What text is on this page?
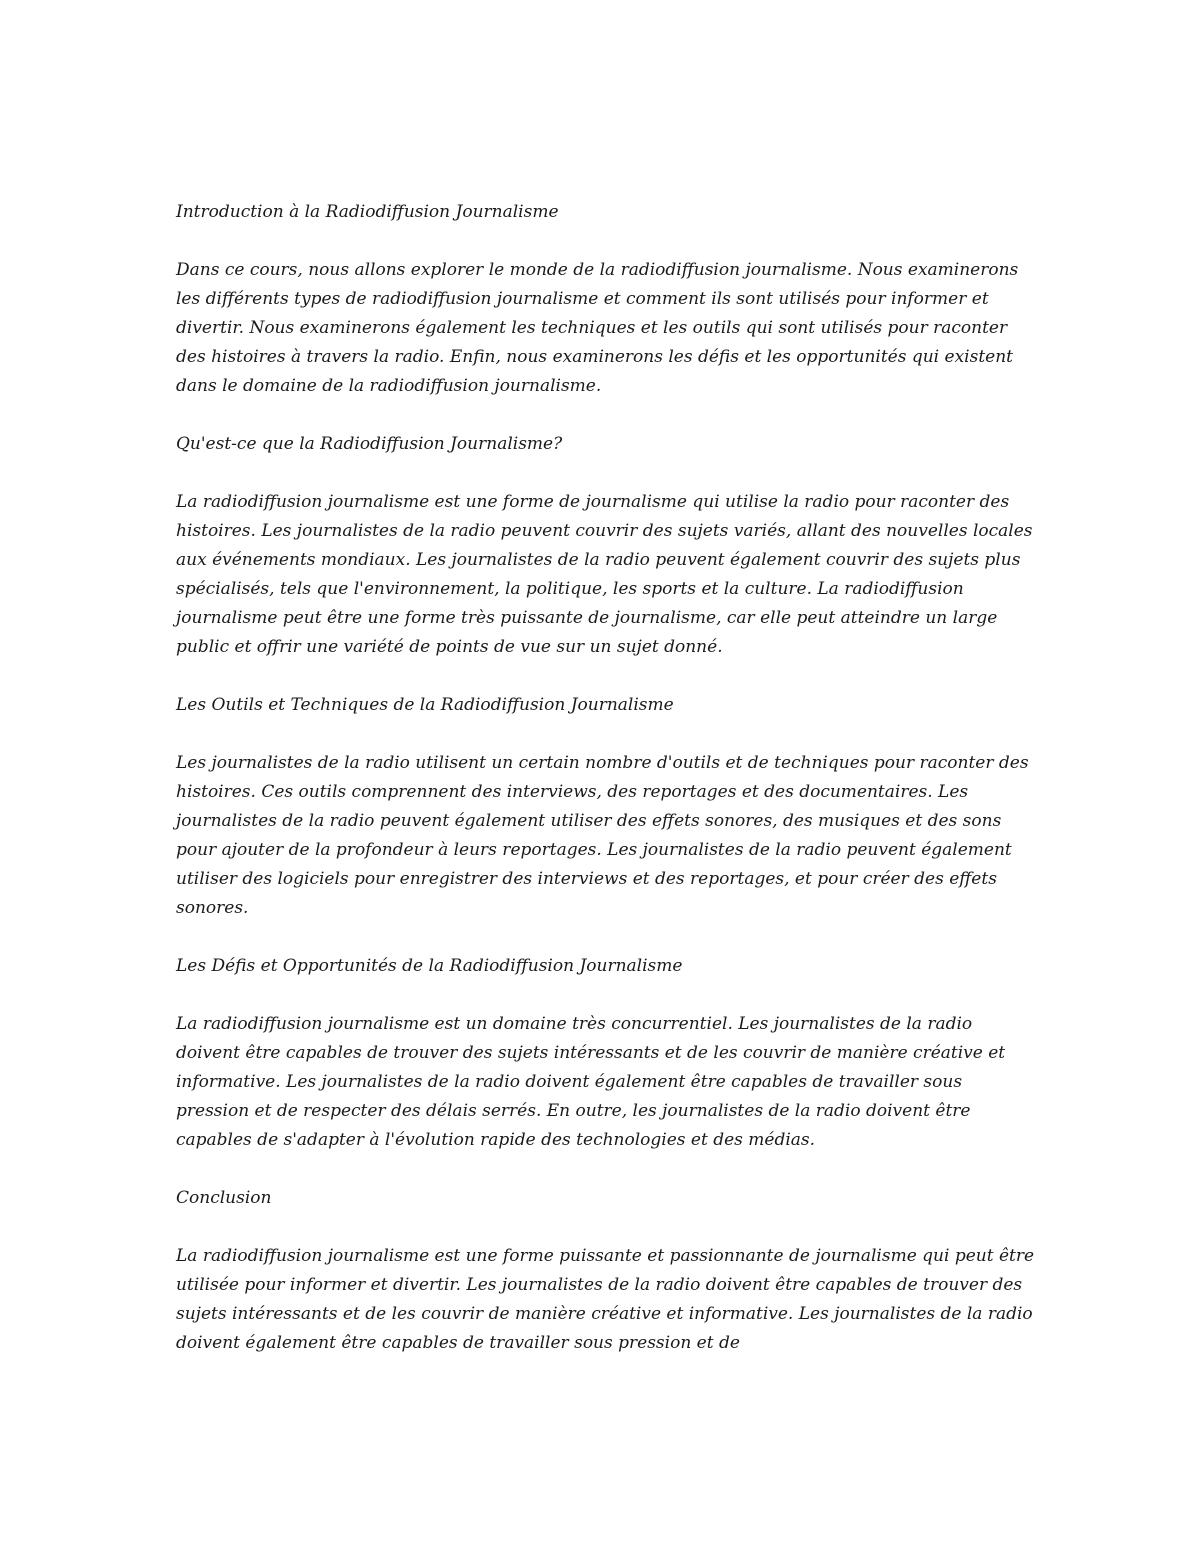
Introduction à la Radiodiffusion Journalisme

Dans ce cours, nous allons explorer le monde de la radiodiffusion journalisme. Nous examinerons les différents types de radiodiffusion journalisme et comment ils sont utilisés pour informer et divertir. Nous examinerons également les techniques et les outils qui sont utilisés pour raconter des histoires à travers la radio. Enfin, nous examinerons les défis et les opportunités qui existent dans le domaine de la radiodiffusion journalisme.

Qu'est-ce que la Radiodiffusion Journalisme?

La radiodiffusion journalisme est une forme de journalisme qui utilise la radio pour raconter des histoires. Les journalistes de la radio peuvent couvrir des sujets variés, allant des nouvelles locales aux événements mondiaux. Les journalistes de la radio peuvent également couvrir des sujets plus spécialisés, tels que l'environnement, la politique, les sports et la culture. La radiodiffusion journalisme peut être une forme très puissante de journalisme, car elle peut atteindre un large public et offrir une variété de points de vue sur un sujet donné.

Les Outils et Techniques de la Radiodiffusion Journalisme

Les journalistes de la radio utilisent un certain nombre d'outils et de techniques pour raconter des histoires. Ces outils comprennent des interviews, des reportages et des documentaires. Les journalistes de la radio peuvent également utiliser des effets sonores, des musiques et des sons pour ajouter de la profondeur à leurs reportages. Les journalistes de la radio peuvent également utiliser des logiciels pour enregistrer des interviews et des reportages, et pour créer des effets sonores.

Les Défis et Opportunités de la Radiodiffusion Journalisme

La radiodiffusion journalisme est un domaine très concurrentiel. Les journalistes de la radio doivent être capables de trouver des sujets intéressants et de les couvrir de manière créative et informative. Les journalistes de la radio doivent également être capables de travailler sous pression et de respecter des délais serrés. En outre, les journalistes de la radio doivent être capables de s'adapter à l'évolution rapide des technologies et des médias.

Conclusion

La radiodiffusion journalisme est une forme puissante et passionnante de journalisme qui peut être utilisée pour informer et divertir. Les journalistes de la radio doivent être capables de trouver des sujets intéressants et de les couvrir de manière créative et informative. Les journalistes de la radio doivent également être capables de travailler sous pression et de
